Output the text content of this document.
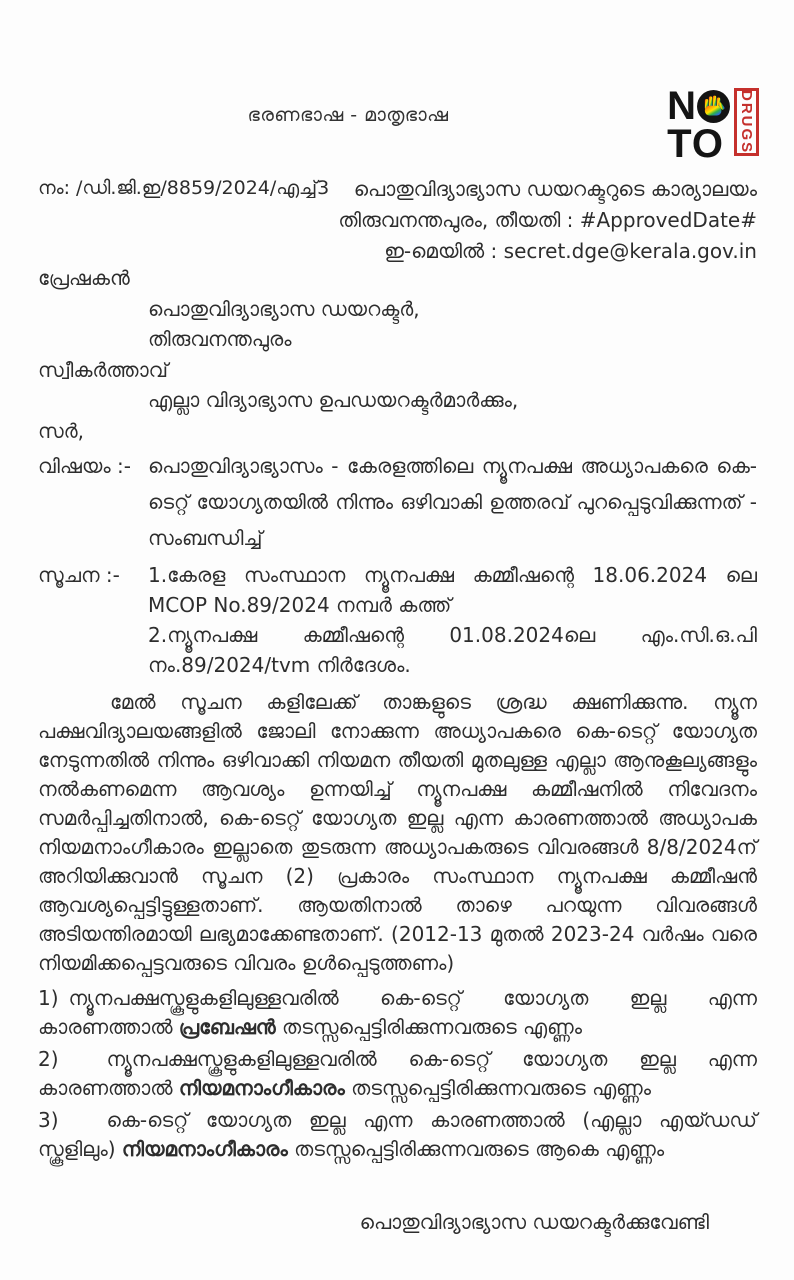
ഭരണഭാഷ - മാതൃഭാഷ	N
TO DRUGS
നം: /ഡി.ജി.ഇ/8859/2024/എച്ച്3	പൊതുവിദ്യാഭ്യാസ ഡയറക്ടറുടെ കാര്യാലയം
തിരുവനന്തപുരം, തീയതി : #ApprovedDate#
ഇ-മെയിൽ : secret.dge@kerala.gov.in
പ്രേഷകൻ
പൊതുവിദ്യാഭ്യാസ ഡയറക്ടർ,
തിരുവനന്തപുരം
സ്വീകർത്താവ്
എല്ലാ വിദ്യാഭ്യാസ ഉപഡയറക്ടർമാർക്കും,
സർ,
വിഷയം :- പൊതുവിദ്യാഭ്യാസം - കേരളത്തിലെ ന്യൂനപക്ഷ അധ്യാപകരെ കെ-ടെറ്റ് യോഗ്യതയിൽ നിന്നും ഒഴിവാകി ഉത്തരവ് പുറപ്പെടുവിക്കുന്നത് - സംബന്ധിച്ച്
സൂചന :-	1.കേരള സംസ്ഥാന ന്യൂനപക്ഷ കമ്മീഷന്റെ 18.06.2024 ലെ MCOP No.89/2024 നമ്പർ കത്ത്
2.ന്യൂനപക്ഷ കമ്മീഷന്റെ 01.08.2024ലെ എം.സി.ഒ.പി നം.89/2024/tvm നിർദേശം.

മേൽ സൂചന കളിലേക്ക് താങ്കളുടെ ശ്രദ്ധ ക്ഷണിക്കുന്നു. ന്യൂന പക്ഷവിദ്യാലയങ്ങളിൽ ജോലി നോക്കുന്ന അധ്യാപകരെ കെ-ടെറ്റ് യോഗ്യത നേടുന്നതിൽ നിന്നും ഒഴിവാക്കി നിയമന തീയതി മുതലുള്ള എല്ലാ ആനുകൂല്യങ്ങളും നൽകണമെന്ന ആവശ്യം ഉന്നയിച്ച് ന്യൂനപക്ഷ കമ്മീഷനിൽ നിവേദനം സമർപ്പിച്ചതിനാൽ, കെ-ടെറ്റ് യോഗ്യത ഇല്ല എന്ന കാരണത്താൽ അധ്യാപക നിയമനാംഗീകാരം ഇല്ലാതെ തുടരുന്ന അധ്യാപകരുടെ വിവരങ്ങൾ 8/8/2024ന് അറിയിക്കുവാൻ സൂചന (2) പ്രകാരം സംസ്ഥാന ന്യൂനപക്ഷ കമ്മീഷൻ ആവശ്യപ്പെട്ടിട്ടുള്ളതാണ്. ആയതിനാൽ താഴെ പറയുന്ന വിവരങ്ങൾ അടിയന്തിരമായി ലഭ്യമാക്കേണ്ടതാണ്. (2012-13 മുതൽ 2023-24 വർഷം വരെ നിയമിക്കപ്പെട്ടവരുടെ വിവരം ഉൾപ്പെടുത്തണം)

1) ന്യൂനപക്ഷസ്കൂളുകളിലുള്ളവരിൽ കെ-ടെറ്റ് യോഗ്യത ഇല്ല എന്ന കാരണത്താൽ പ്രബേഷൻ തടസ്സപ്പെട്ടിരിക്കുന്നവരുടെ എണ്ണം
2) ന്യൂനപക്ഷസ്കൂളുകളിലുള്ളവരിൽ കെ-ടെറ്റ് യോഗ്യത ഇല്ല എന്ന കാരണത്താൽ നിയമനാംഗീകാരം തടസ്സപ്പെട്ടിരിക്കുന്നവരുടെ എണ്ണം
3) കെ-ടെറ്റ് യോഗ്യത ഇല്ല എന്ന കാരണത്താൽ (എല്ലാ എയ്ഡഡ് സ്കൂളിലും) നിയമനാംഗീകാരം തടസ്സപ്പെട്ടിരിക്കുന്നവരുടെ ആകെ എണ്ണം
പൊതുവിദ്യാഭ്യാസ ഡയറക്ടർക്കുവേണ്ടി
